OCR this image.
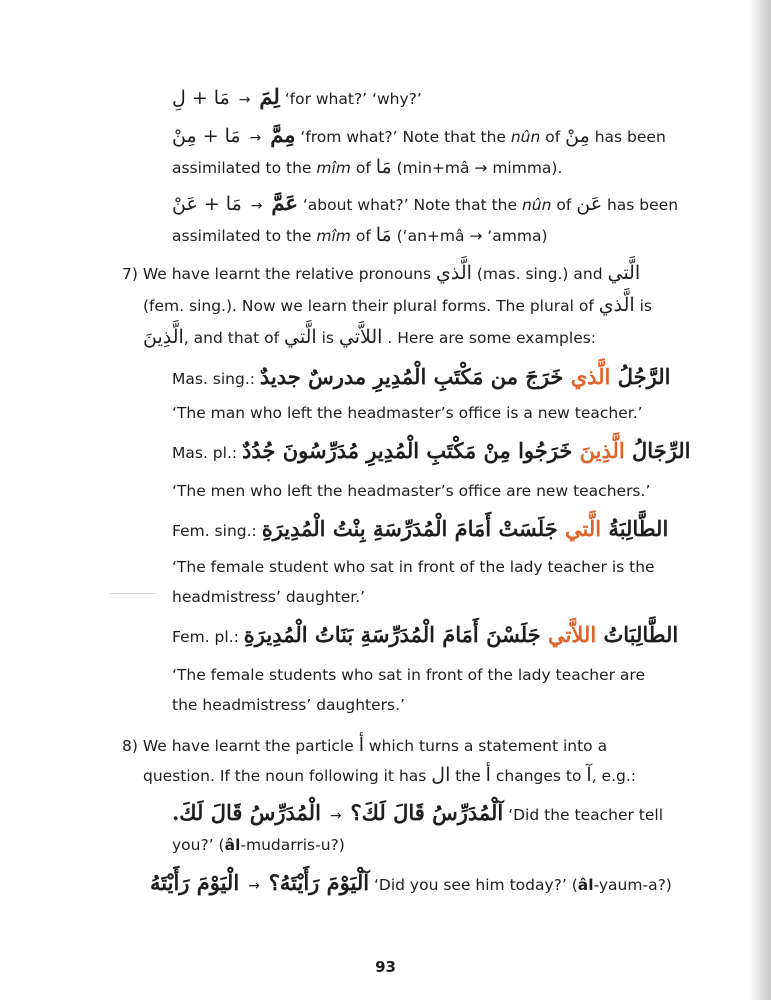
مَا + لِ → لِمَ ‘for what?’ ‘why?’
مَا + مِنْ → مِمَّ ‘from what?’ Note that the nûn of مِنْ has been
assimilated to the mîm of مَا (min+mâ → mimma).
مَا + عَنْ → عَمَّ ‘about what?’ Note that the nûn of عَن has been
assimilated to the mîm of مَا (‘an+mâ → ‘amma)
7) We have learnt the relative pronouns الَّذي (mas. sing.) and الَّتي
(fem. sing.). Now we learn their plural forms. The plural of الَّذي is
الَّذِينَ, and that of الَّتي is اللاَّتي . Here are some examples:
Mas. sing.:	الرَّجُلُ الَّذي خَرَجَ من مَكْتَبِ الْمُدِيرِ مدرسٌ جديدٌ
‘The man who left the headmaster’s office is a new teacher.’
Mas. pl.:	الرِّجَالُ الَّذِينَ خَرَجُوا مِنْ مَكْتَبِ الْمُدِيرِ مُدَرِّسُونَ جُدُدٌ
‘The men who left the headmaster’s office are new teachers.’
Fem. sing.:	الطَّالِبَةُ الَّتي جَلَسَتْ أَمَامَ الْمُدَرِّسَةِ بِنْتُ الْمُدِيرَةِ
‘The female student who sat in front of the lady teacher is the
headmistress’ daughter.’
Fem. pl.:	الطَّالِبَاتُ اللاَّتي جَلَسْنَ أَمَامَ الْمُدَرِّسَةِ بَنَاتُ الْمُدِيرَةِ
‘The female students who sat in front of the lady teacher are
the headmistress’ daughters.’
8) We have learnt the particle أ which turns a statement into a
question. If the noun following it has ال the أ changes to آ, e.g.:
الْمُدَرِّسُ قَالَ لَكَ. → آلْمُدَرِّسُ قَالَ لَكَ؟ ‘Did the teacher tell
you?’ (âl-mudarris-u?)
الْيَوْمَ رَأَيْتَهُ → آلْيَوْمَ رَأَيْتَهُ؟ ‘Did you see him today?’ (âl-yaum-a?)
93
